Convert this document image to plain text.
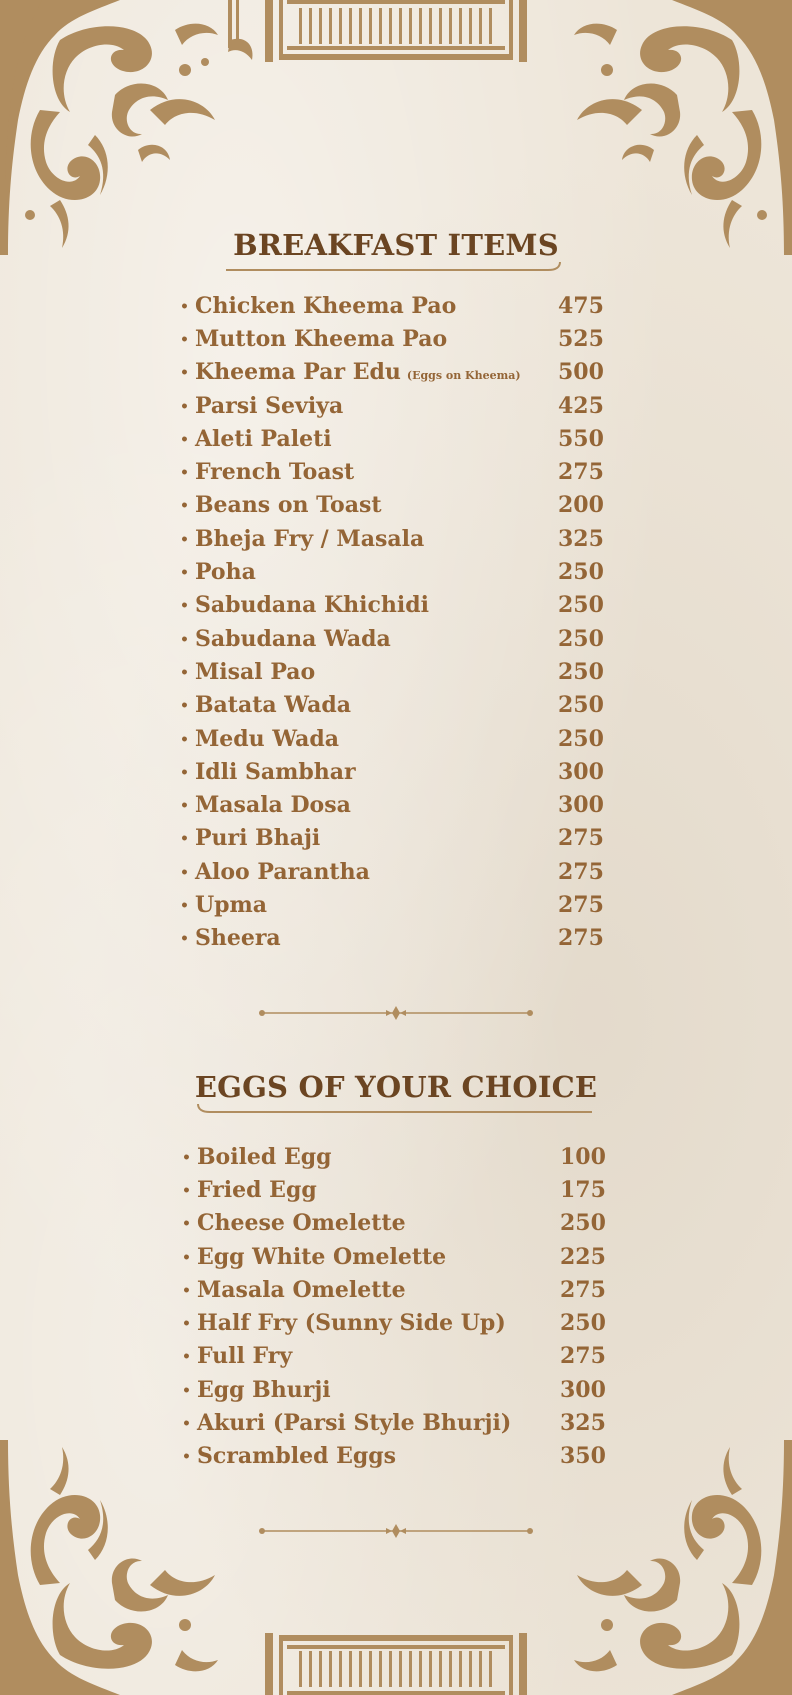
BREAKFAST ITEMS
• Chicken Kheema Pao	475
• Mutton Kheema Pao	525
• Kheema Par Edu (Eggs on Kheema) 500
• Parsi Seviya	425
• Aleti Paleti	550
• French Toast	275
• Beans on Toast	200
• Bheja Fry / Masala	325
• Poha	250
• Sabudana Khichidi	250
• Sabudana Wada	250
• Misal Pao	250
• Batata Wada	250
• Medu Wada	250
• Idli Sambhar	300
• Masala Dosa	300
• Puri Bhaji	275
• Aloo Parantha	275
• Upma	275
• Sheera	275
EGGS OF YOUR CHOICE
• Boiled Egg	100
• Fried Egg	175
• Cheese Omelette	250
• Egg White Omelette	225
• Masala Omelette	275
• Half Fry (Sunny Side Up) 250
• Full Fry	275
• Egg Bhurji	300
• Akuri (Parsi Style Bhurji) 325
• Scrambled Eggs	350
